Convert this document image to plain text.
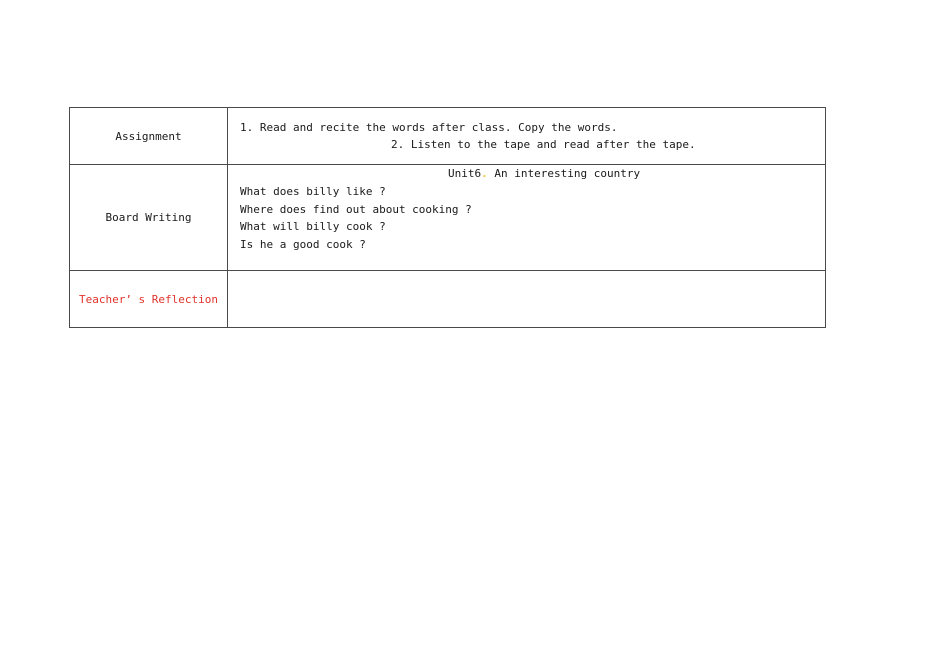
Assignment
1. Read and recite the words after class. Copy the words.
2. Listen to the tape and read after the tape.
Board Writing
Unit6. An interesting country
What does billy like ?
Where does find out about cooking ?
What will billy cook ?
Is he a good cook ?
Teacher’ s Reflection
